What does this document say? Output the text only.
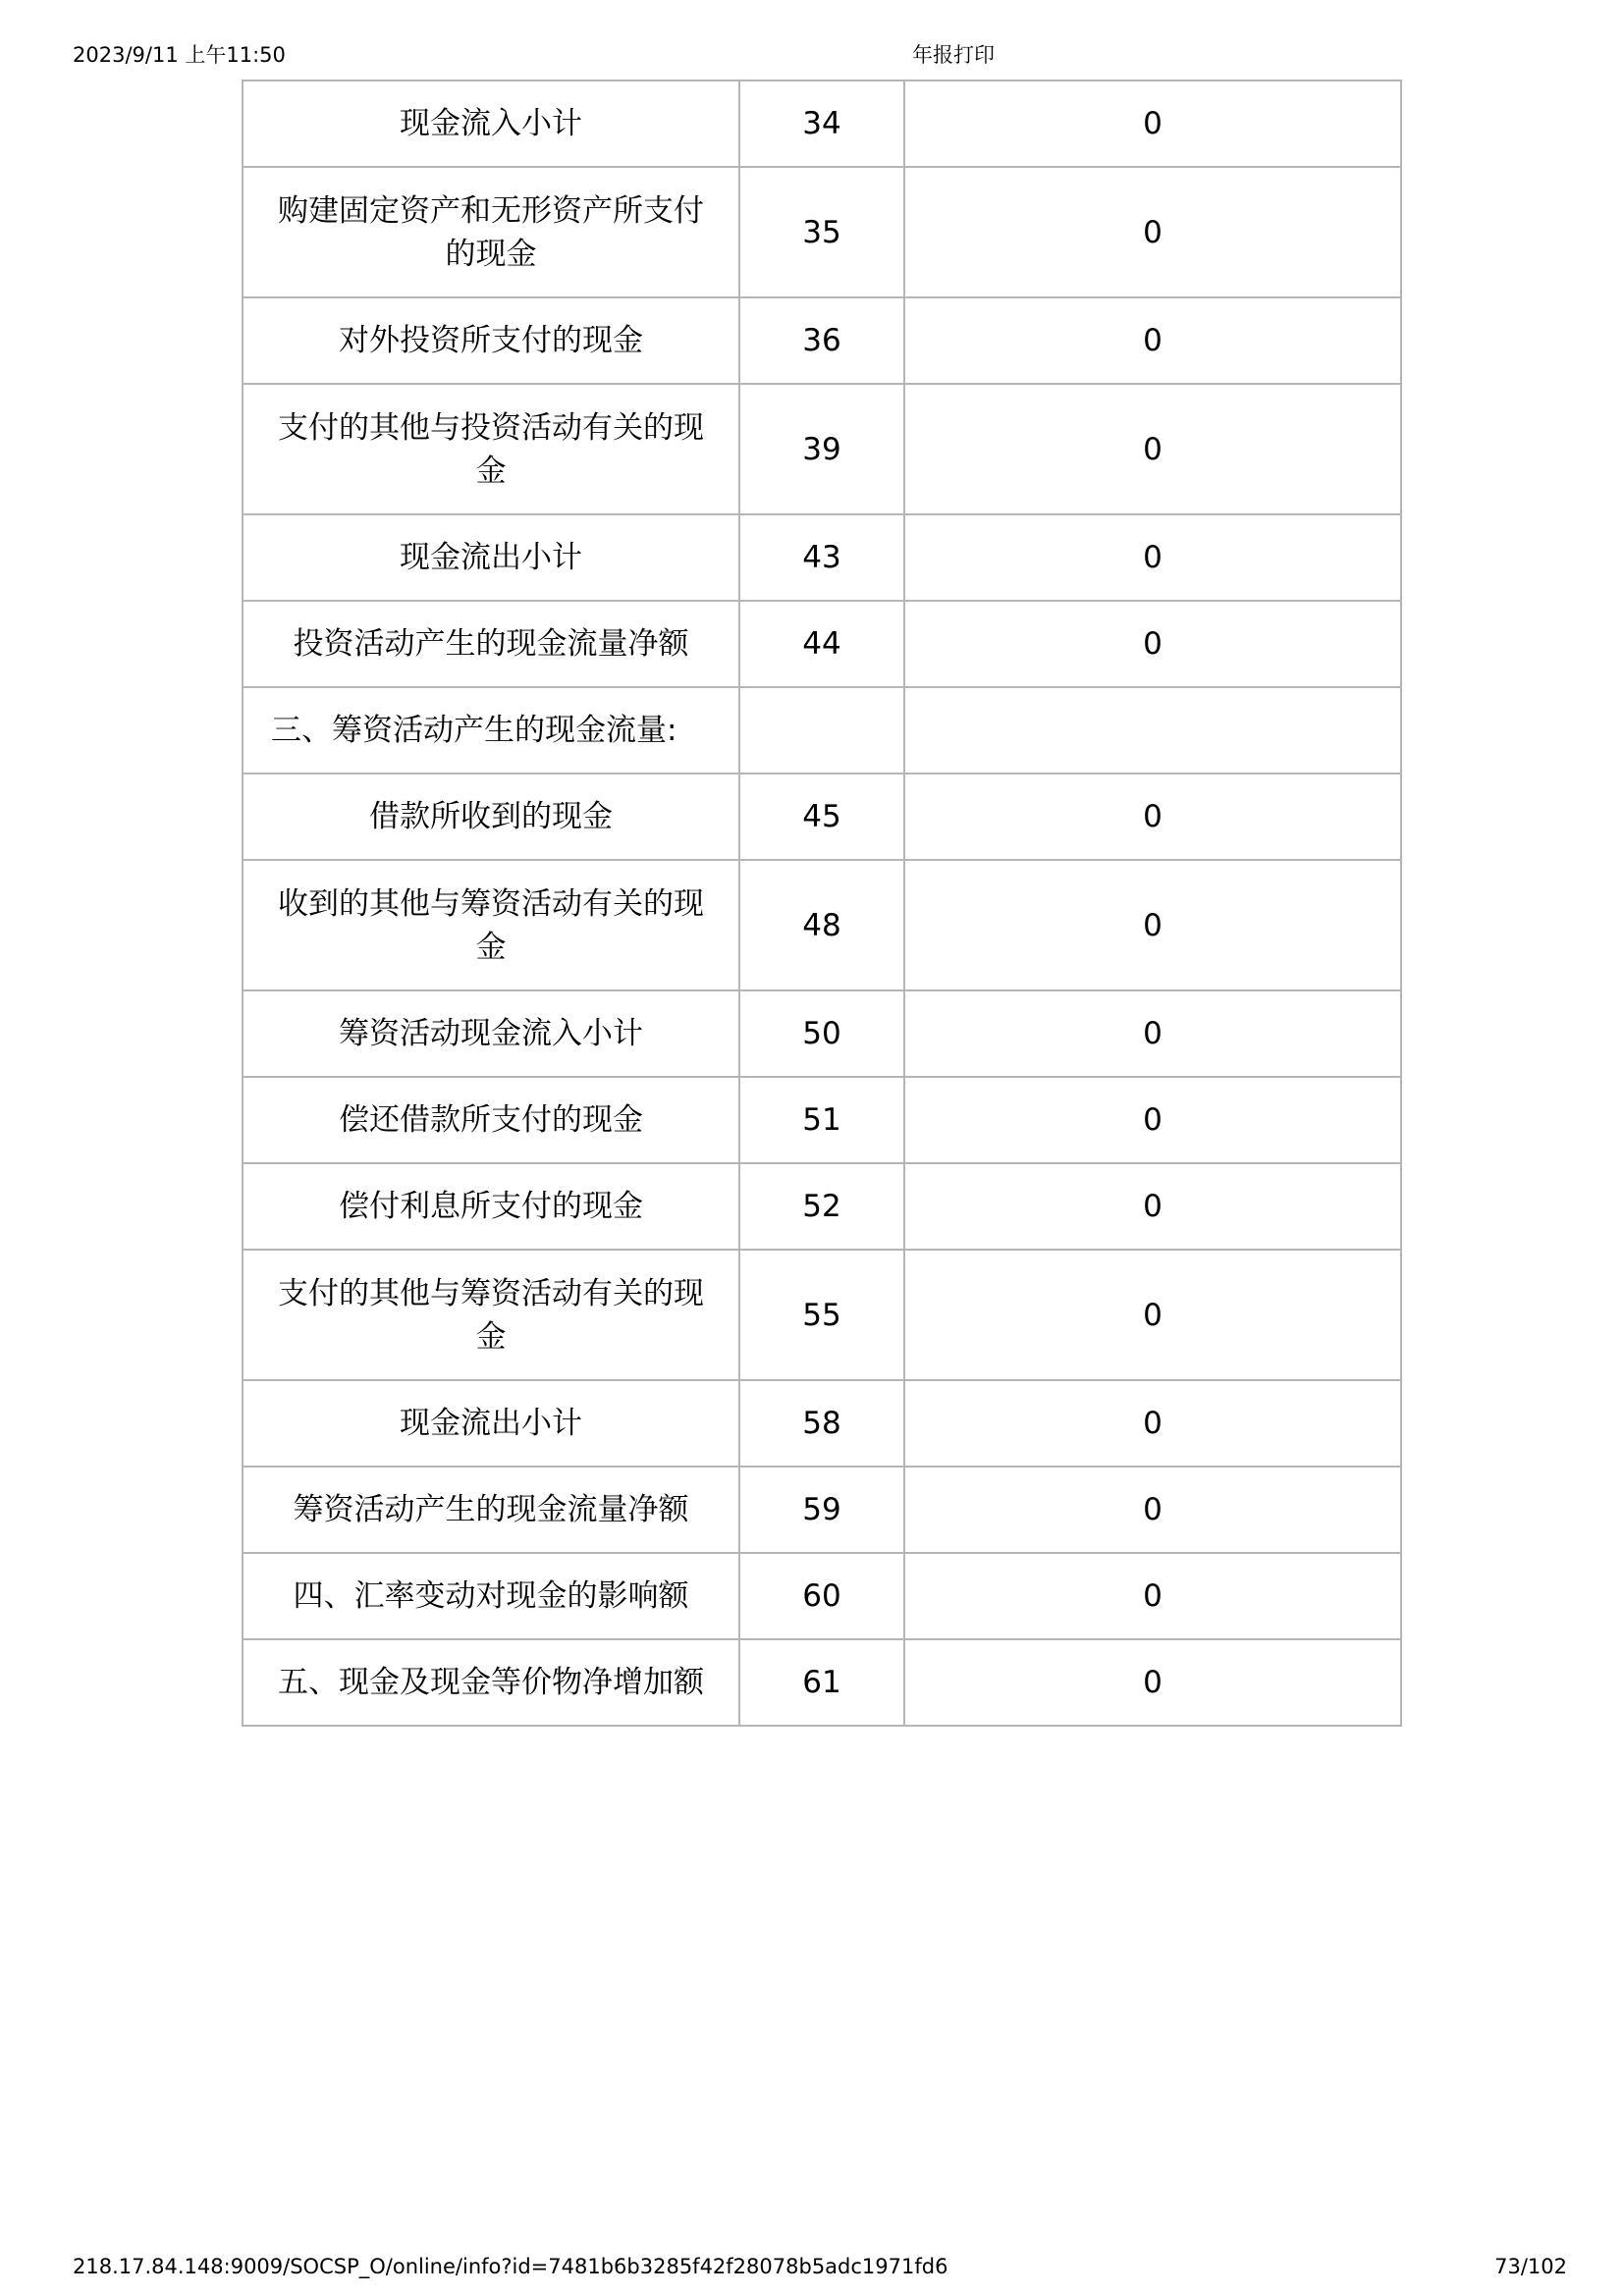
2023/9/11 上午11:50	年报打印
现金流入小计	34	0
购建固定资产和无形资产所支付的现金	35	0
对外投资所支付的现金	36	0
支付的其他与投资活动有关的现金	39	0
现金流出小计	43	0
投资活动产生的现金流量净额	44	0
三、筹资活动产生的现金流量:		
借款所收到的现金	45	0
收到的其他与筹资活动有关的现金	48	0
筹资活动现金流入小计	50	0
偿还借款所支付的现金	51	0
偿付利息所支付的现金	52	0
支付的其他与筹资活动有关的现金	55	0
现金流出小计	58	0
筹资活动产生的现金流量净额	59	0
四、汇率变动对现金的影响额	60	0
五、现金及现金等价物净增加额	61	0
218.17.84.148:9009/SOCSP_O/online/info?id=7481b6b3285f42f28078b5adc1971fd6	73/102
